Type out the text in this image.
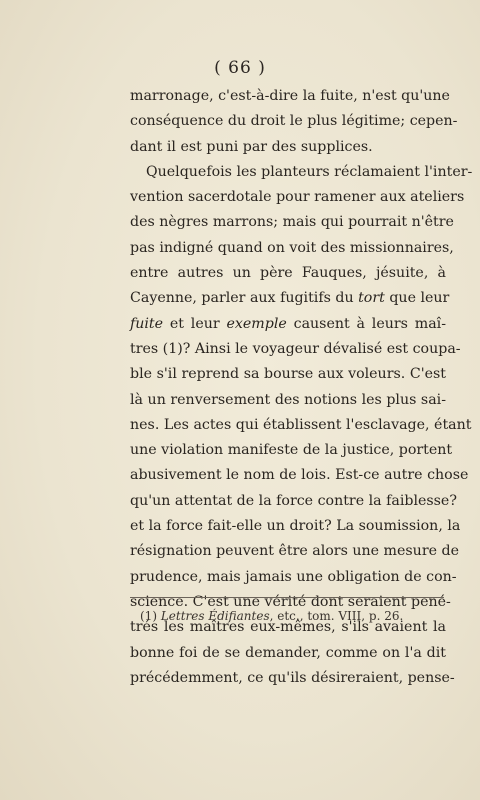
( 66 )
marronage, c'est-à-dire la fuite, n'est qu'une
conséquence du droit le plus légitime; cepen-
dant il est puni par des supplices.
Quelquefois les planteurs réclamaient l'inter-
vention sacerdotale pour ramener aux ateliers
des nègres marrons; mais qui pourrait n'être
pas indigné quand on voit des missionnaires,
entre autres un père Fauques, jésuite, à
Cayenne, parler aux fugitifs du tort que leur
fuite et leur exemple causent à leurs maî-
tres (1)? Ainsi le voyageur dévalisé est coupa-
ble s'il reprend sa bourse aux voleurs. C'est
là un renversement des notions les plus sai-
nes. Les actes qui établissent l'esclavage, étant
une violation manifeste de la justice, portent
abusivement le nom de lois. Est-ce autre chose
qu'un attentat de la force contre la faiblesse?
et la force fait-elle un droit? La soumission, la
résignation peuvent être alors une mesure de
prudence, mais jamais une obligation de con-
science. C'est une vérité dont seraient pené-
trés les maîtres eux-mêmes, s'ils avaient la
bonne foi de se demander, comme on l'a dit
précédemment, ce qu'ils désireraient, pense-
(1) Lettres Édifiantes, etc., tom. VIII, p. 26.
